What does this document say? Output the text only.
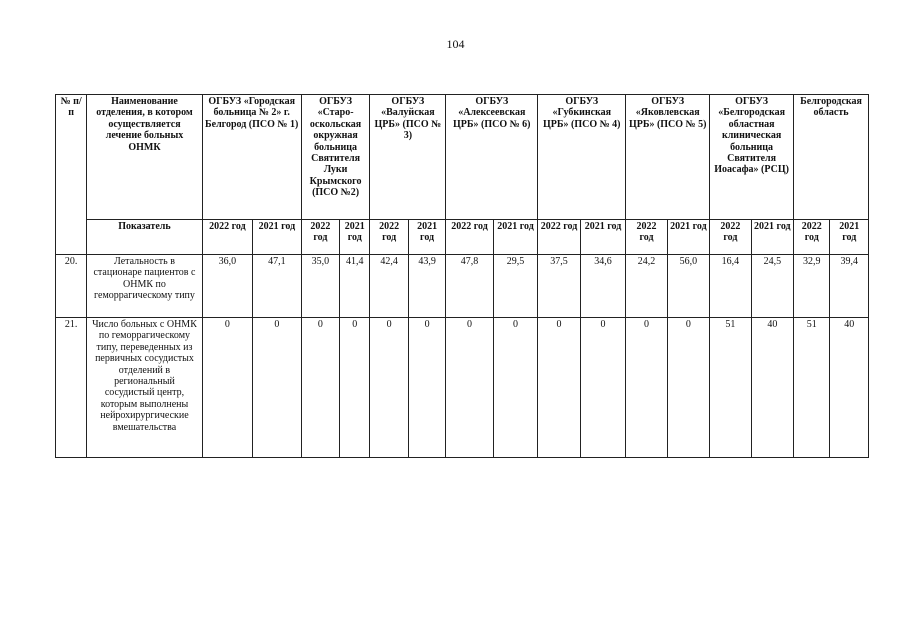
104
№ п/п	Наименование отделения, в котором осуществляется лечение больных ОНМК	ОГБУЗ «Городская больница № 2» г. Белгород (ПСО № 1)		ОГБУЗ «Старо-оскольская окружная больница Святителя Луки Крымского (ПСО №2)		ОГБУЗ «Валуйская ЦРБ» (ПСО № 3)		ОГБУЗ «Алексеевская ЦРБ» (ПСО № 6)		ОГБУЗ «Губкинская ЦРБ» (ПСО № 4)		ОГБУЗ «Яковлевская ЦРБ» (ПСО № 5)		ОГБУЗ «Белгородская областная клиническая больница Святителя Иоасафа» (РСЦ)		Белгородская область	
	Показатель	2022 год	2021 год	2022 год	2021 год	2022 год	2021 год	2022 год	2021 год	2022 год	2021 год	2022 год	2021 год	2022 год	2021 год	2022 год	2021 год
20.	Летальность в стационаре пациентов с ОНМК по геморрагическому типу	36,0	47,1	35,0	41,4	42,4	43,9	47,8	29,5	37,5	34,6	24,2	56,0	16,4	24,5	32,9	39,4
21.	Число больных с ОНМК по геморрагическому типу, переведенных из первичных сосудистых отделений в региональный сосудистый центр, которым выполнены нейрохирургические вмешательства	0	0	0	0	0	0	0	0	0	0	0	0	51	40	51	40
